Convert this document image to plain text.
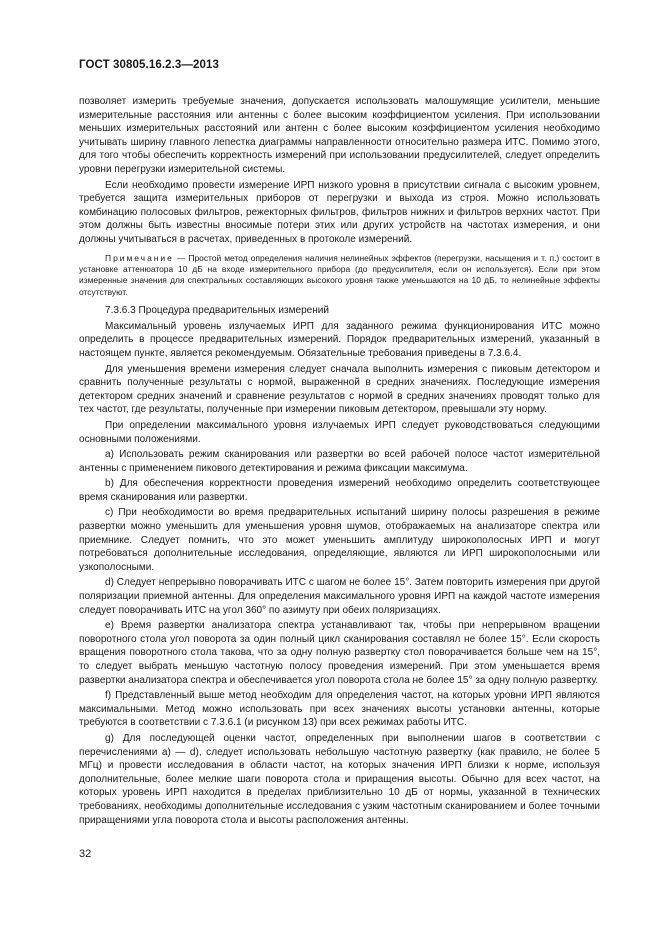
ГОСТ 30805.16.2.3—2013

позволяет измерить требуемые значения, допускается использовать малошумящие усилители, меньшие измерительные расстояния или антенны с более высоким коэффициентом усиления. При использовании меньших измерительных расстояний или антенн с более высоким коэффициентом усиления необходимо учитывать ширину главного лепестка диаграммы направленности относительно размера ИТС. Помимо этого, для того чтобы обеспечить корректность измерений при использовании предусилителей, следует определить уровни перегрузки измерительной системы.

Если необходимо провести измерение ИРП низкого уровня в присутствии сигнала с высоким уровнем, требуется защита измерительных приборов от перегрузки и выхода из строя. Можно использовать комбинацию полосовых фильтров, режекторных фильтров, фильтров нижних и фильтров верхних частот. При этом должны быть известны вносимые потери этих или других устройств на частотах измерения, и они должны учитываться в расчетах, приведенных в протоколе измерений.

Примечание — Простой метод определения наличия нелинейных эффектов (перегрузки, насыщения и т. п.) состоит в установке аттенюатора 10 дБ на входе измерительного прибора (до предусилителя, если он используется). Если при этом измеренные значения для спектральных составляющих высокого уровня также уменьшаются на 10 дБ, то нелинейные эффекты отсутствуют.

7.3.6.3 Процедура предварительных измерений

Максимальный уровень излучаемых ИРП для заданного режима функционирования ИТС можно определить в процессе предварительных измерений. Порядок предварительных измерений, указанный в настоящем пункте, является рекомендуемым. Обязательные требования приведены в 7.3.6.4.

Для уменьшения времени измерения следует сначала выполнить измерения с пиковым детектором и сравнить полученные результаты с нормой, выраженной в средних значениях. Последующие измерения детектором средних значений и сравнение результатов с нормой в средних значениях проводят только для тех частот, где результаты, полученные при измерении пиковым детектором, превышали эту норму.

При определении максимального уровня излучаемых ИРП следует руководствоваться следующими основными положениями.

а) Использовать режим сканирования или развертки во всей рабочей полосе частот измерительной антенны с применением пикового детектирования и режима фиксации максимума.

b) Для обеспечения корректности проведения измерений необходимо определить соответствующее время сканирования или развертки.

с) При необходимости во время предварительных испытаний ширину полосы разрешения в режиме развертки можно уменьшить для уменьшения уровня шумов, отображаемых на анализаторе спектра или приемнике. Следует помнить, что это может уменьшить амплитуду широкополосных ИРП и могут потребоваться дополнительные исследования, определяющие, являются ли ИРП широкополосными или узкополосными.

d) Следует непрерывно поворачивать ИТС с шагом не более 15°. Затем повторить измерения при другой поляризации приемной антенны. Для определения максимального уровня ИРП на каждой частоте измерения следует поворачивать ИТС на угол 360° по азимуту при обеих поляризациях.

е) Время развертки анализатора спектра устанавливают так, чтобы при непрерывном вращении поворотного стола угол поворота за один полный цикл сканирования составлял не более 15°. Если скорость вращения поворотного стола такова, что за одну полную развертку стол поворачивается больше чем на 15°, то следует выбрать меньшую частотную полосу проведения измерений. При этом уменьшается время развертки анализатора спектра и обеспечивается угол поворота стола не более 15° за одну полную развертку.

f) Представленный выше метод необходим для определения частот, на которых уровни ИРП являются максимальными. Метод можно использовать при всех значениях высоты установки антенны, которые требуются в соответствии с 7.3.6.1 (и рисунком 13) при всех режимах работы ИТС.

g) Для последующей оценки частот, определенных при выполнении шагов в соответствии с перечислениями а) — d), следует использовать небольшую частотную развертку (как правило, не более 5 МГц) и провести исследования в области частот, на которых значения ИРП близки к норме, используя дополнительные, более мелкие шаги поворота стола и приращения высоты. Обычно для всех частот, на которых уровень ИРП находится в пределах приблизительно 10 дБ от нормы, указанной в технических требованиях, необходимы дополнительные исследования с узким частотным сканированием и более точными приращениями угла поворота стола и высоты расположения антенны.

32
